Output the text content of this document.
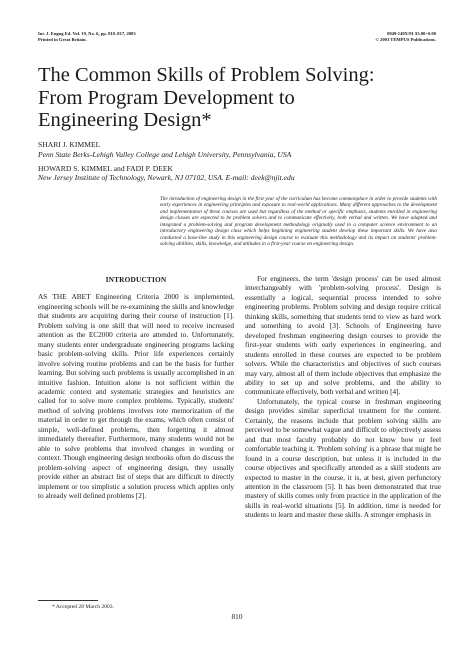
Int. J. Engng Ed. Vol. 19, No. 6, pp. 810–817, 2003
Printed in Great Britain.
0949-149X/91 $3.00+0.00
© 2003 TEMPUS Publications.
The Common Skills of Problem Solving:
From Program Development to
Engineering Design*
SHARI J. KIMMEL
Penn State Berks-Lehigh Valley College and Lehigh University, Pennsylvania, USA
HOWARD S. KIMMEL and FADI P. DEEK
New Jersey Institute of Technology, Newark, NJ 07102, USA. E-mail: deek@njit.edu

The introduction of engineering design in the first year of the curriculum has become commonplace in order to provide students with early experiences in engineering principles and exposure to real-world applications. Many different approaches to the development and implementation of these courses are used but regardless of the method or specific emphasis, students enrolled in engineering design classes are expected to be problem solvers and to communicate effectively, both verbal and written. We have adapted and integrated a problem-solving and program development methodology originally used in a computer science environment to an introductory engineering design class which helps beginning engineering student develop these important skills. We have also conducted a base-line study in this engineering design course to evaluate this methodology and its impact on students' problem-solving abilities, skills, knowledge, and attitudes in a first-year course on engineering design.

INTRODUCTION

AS THE ABET Engineering Criteria 2000 is implemented, engineering schools will be re-examining the skills and knowledge that students are acquiring during their course of instruction [1]. Problem solving is one skill that will need to receive increased attention as the EC2000 criteria are attended to. Unfortunately, many students enter undergraduate engineering programs lacking basic problem-solving skills. Prior life experiences certainly involve solving routine problems and can be the basis for further learning. But solving such problems is usually accomplished in an intuitive fashion. Intuition alone is not sufficient within the academic context and systematic strategies and heuristics are called for to solve more complex problems. Typically, students' method of solving problems involves rote memorization of the material in order to get through the exams, which often consist of simple, well-defined problems, then forgetting it almost immediately thereafter. Furthermore, many students would not be able to solve problems that involved changes in wording or context. Though engineering design textbooks often do discuss the problem-solving aspect of engineering design, they usually provide either an abstract list of steps that are difficult to directly implement or too simplistic a solution process which applies only to already well defined problems [2].

For engineers, the term 'design process' can be used almost interchangeably with 'problem-solving process'. Design is essentially a logical, sequential process intended to solve engineering problems. Problem solving and design require critical thinking skills, something that students tend to view as hard work and something to avoid [3]. Schools of Engineering have developed freshman engineering design courses to provide the first-year students with early experiences in engineering, and students enrolled in these courses are expected to be problem solvers. While the characteristics and objectives of such courses may vary, almost all of them include objectives that emphasize the ability to set up and solve problems, and the ability to communicate effectively, both verbal and written [4].

Unfortunately, the typical course in freshman engineering design provides similar superficial treatment for the content. Certainly, the reasons include that problem solving skills are perceived to be somewhat vague and difficult to objectively assess and that most faculty probably do not know how or feel comfortable teaching it. 'Problem solving' is a phrase that might be found in a course description, but unless it is included in the course objectives and specifically attended as a skill students are expected to master in the course, it is, at best, given perfunctory attention in the classroom [5]. It has been demonstrated that true mastery of skills comes only from practice in the application of the skills in real-world situations [5]. In addition, time is needed for students to learn and master these skills. A stronger emphasis in

* Accepted 28 March 2003.
810
